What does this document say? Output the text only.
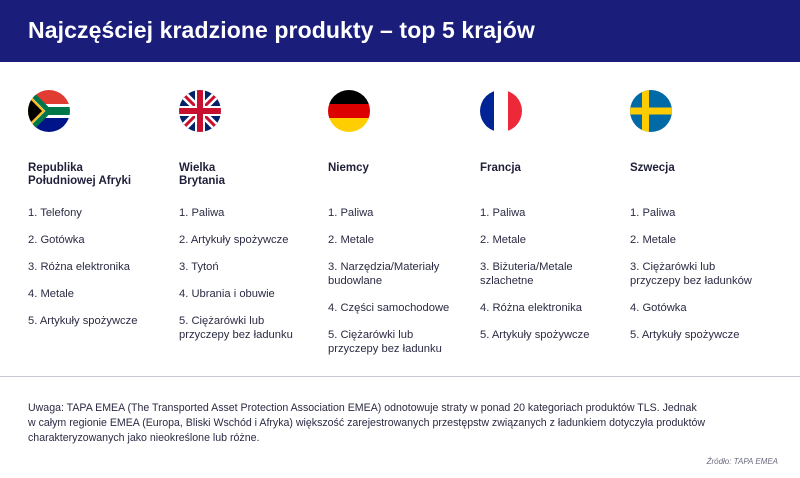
Najczęściej kradzione produkty – top 5 krajów
Republika
Południowej Afryki
1. Telefony
2. Gotówka
3. Różna elektronika
4. Metale
5. Artykuły spożywcze
Wielka
Brytania
1. Paliwa
2. Artykuły spożywcze
3. Tytoń
4. Ubrania i obuwie
5. Ciężarówki lub
przyczepy bez ładunku
Niemcy
1. Paliwa
2. Metale
3. Narzędzia/Materiały
budowlane
4. Części samochodowe
5. Ciężarówki lub
przyczepy bez ładunku
Francja
1. Paliwa
2. Metale
3. Biżuteria/Metale
szlachetne
4. Różna elektronika
5. Artykuły spożywcze
Szwecja
1. Paliwa
2. Metale
3. Ciężarówki lub
przyczepy bez ładunków
4. Gotówka
5. Artykuły spożywcze
Uwaga: TAPA EMEA (The Transported Asset Protection Association EMEA) odnotowuje straty w ponad 20 kategoriach produktów TLS. Jednak
w całym regionie EMEA (Europa, Bliski Wschód i Afryka) większość zarejestrowanych przestępstw związanych z ładunkiem dotyczyła produktów
charakteryzowanych jako nieokreślone lub różne.
Źródło: TAPA EMEA
